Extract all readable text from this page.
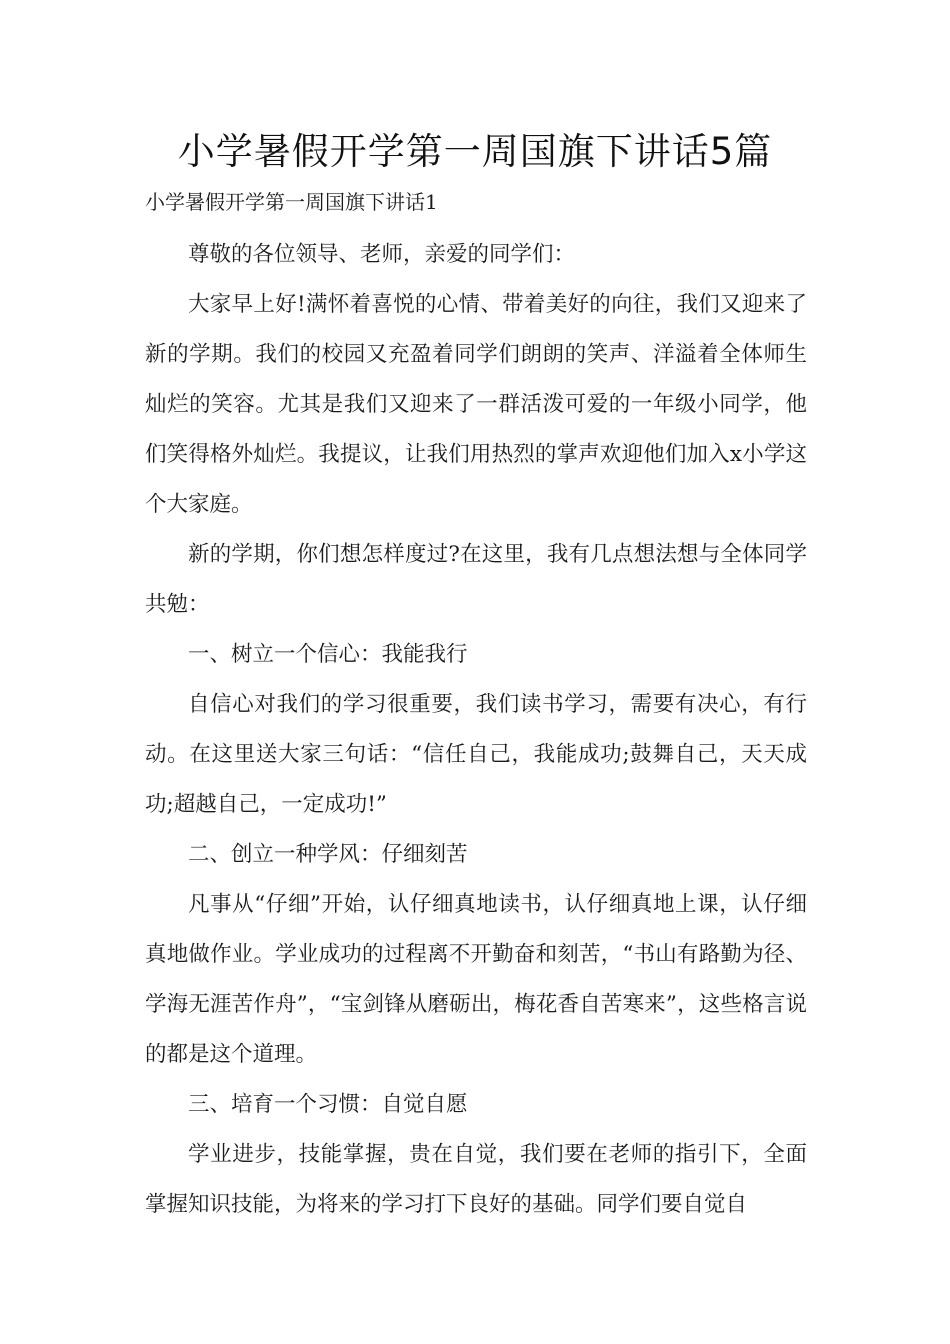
小学暑假开学第一周国旗下讲话5篇
小学暑假开学第一周国旗下讲话1

尊敬的各位领导、老师，亲爱的同学们：

大家早上好!满怀着喜悦的心情、带着美好的向往，我们又迎来了新的学期。我们的校园又充盈着同学们朗朗的笑声、洋溢着全体师生灿烂的笑容。尤其是我们又迎来了一群活泼可爱的一年级小同学，他们笑得格外灿烂。我提议，让我们用热烈的掌声欢迎他们加入x小学这个大家庭。

新的学期，你们想怎样度过?在这里，我有几点想法想与全体同学共勉：

一、树立一个信心：我能我行

自信心对我们的学习很重要，我们读书学习，需要有决心，有行动。在这里送大家三句话：“信任自己，我能成功;鼓舞自己，天天成功;超越自己，一定成功!”

二、创立一种学风：仔细刻苦

凡事从“仔细”开始，认仔细真地读书，认仔细真地上课，认仔细真地做作业。学业成功的过程离不开勤奋和刻苦，“书山有路勤为径、学海无涯苦作舟”，“宝剑锋从磨砺出，梅花香自苦寒来”，这些格言说的都是这个道理。

三、培育一个习惯：自觉自愿

学业进步，技能掌握，贵在自觉，我们要在老师的指引下，全面掌握知识技能，为将来的学习打下良好的基础。同学们要自觉自
